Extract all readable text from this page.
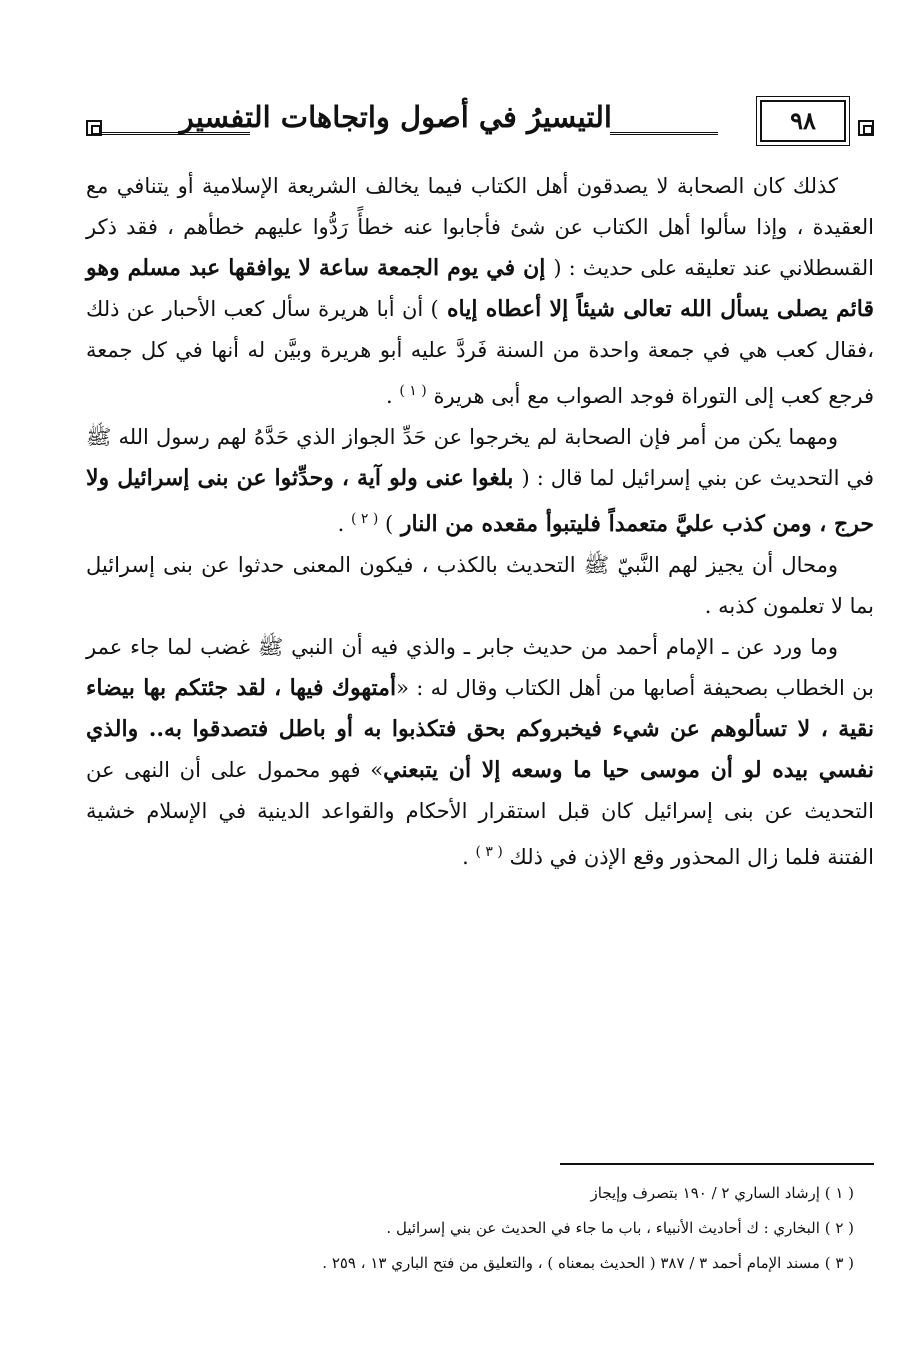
٩٨
التيسيرُ في أصول واتجاهات التفسير

كذلك كان الصحابة لا يصدقون أهل الكتاب فيما يخالف الشريعة الإسلامية أو يتنافي مع العقيدة ، وإذا سألوا أهل الكتاب عن شئ فأجابوا عنه خطأً رَدُّوا عليهم خطأهم ، فقد ذكر القسطلاني عند تعليقه على حديث : ( إن في يوم الجمعة ساعة لا يوافقها عبد مسلم وهو قائم يصلى يسأل الله تعالى شيئاً إلا أعطاه إياه ) أن أبا هريرة سأل كعب الأحبار عن ذلك ،فقال كعب هي في جمعة واحدة من السنة فَردَّ عليه أبو هريرة وبيَّن له أنها في كل جمعة فرجع كعب إلى التوراة فوجد الصواب مع أبى هريرة $^{( ١ )}$ .

ومهما يكن من أمر فإن الصحابة لم يخرجوا عن حَدِّ الجواز الذي حَدَّهُ لهم رسول الله ﷺ في التحديث عن بني إسرائيل لما قال : ( بلغوا عنى ولو آية ، وحدِّثوا عن بنى إسرائيل ولا حرج ، ومن كذب عليَّ متعمداً فليتبوأ مقعده من النار ) $^{( ٢ )}$ .

ومحال أن يجيز لهم النَّبيّ ﷺ التحديث بالكذب ، فيكون المعنى حدثوا عن بنى إسرائيل بما لا تعلمون كذبه .

وما ورد عن ـ الإمام أحمد من حديث جابر ـ والذي فيه أن النبي ﷺ غضب لما جاء عمر بن الخطاب بصحيفة أصابها من أهل الكتاب وقال له : «أمتهوك فيها ، لقد جئتكم بها بيضاء نقية ، لا تسألوهم عن شيء فيخبروكم بحق فتكذبوا به أو باطل فتصدقوا به.. والذي نفسي بيده لو أن موسى حيا ما وسعه إلا أن يتبعني» فهو محمول على أن النهى عن التحديث عن بنى إسرائيل كان قبل استقرار الأحكام والقواعد الدينية في الإسلام خشية الفتنة فلما زال المحذور وقع الإذن في ذلك $^{( ٣ )}$ .

( ١ ) إرشاد الساري ٢ / ١٩٠ بتصرف وإيجاز

( ٢ ) البخاري : ك أحاديث الأنبياء ، باب ما جاء في الحديث عن بني إسرائيل .

( ٣ ) مسند الإمام أحمد ٣ / ٣٨٧ ( الحديث بمعناه ) ، والتعليق من فتح الباري ١٣ ، ٢٥٩ .
